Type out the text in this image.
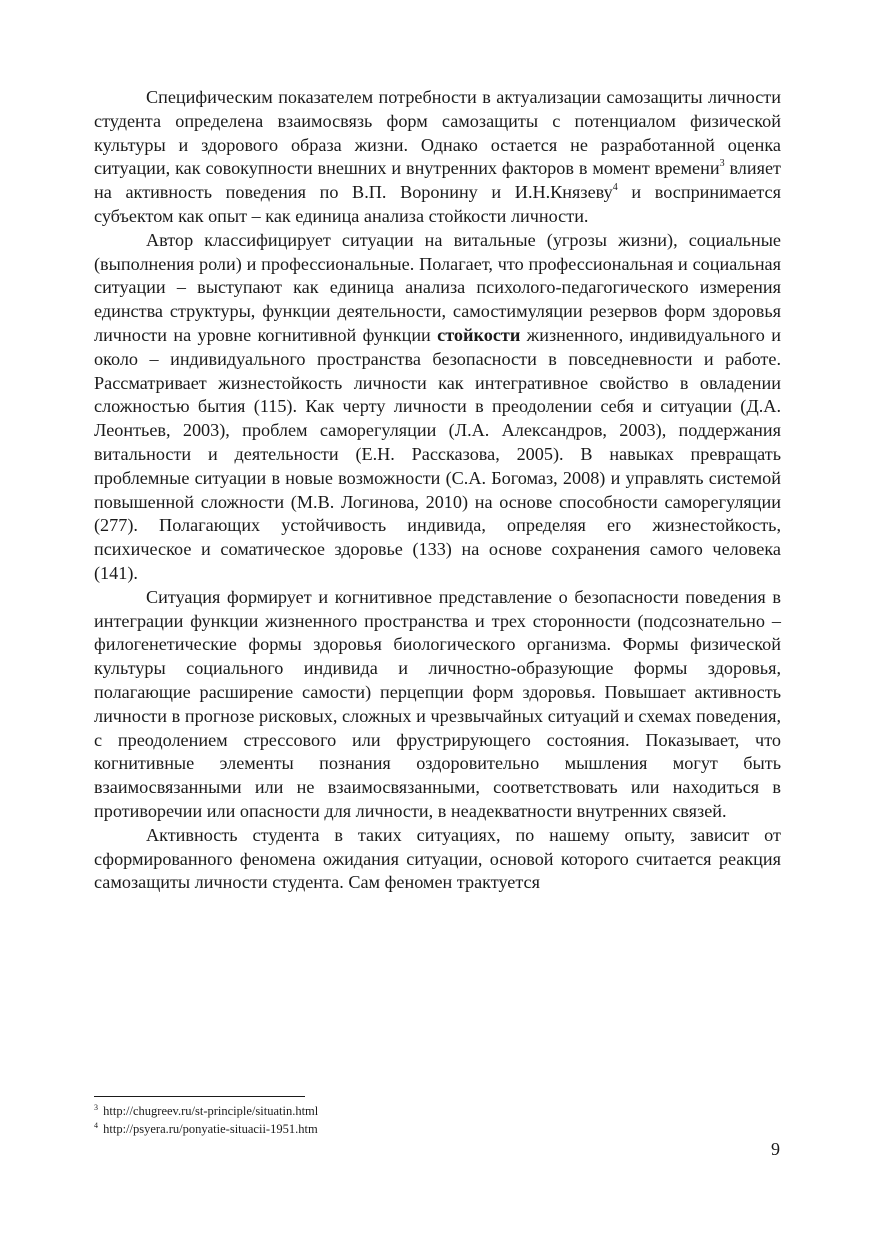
Специфическим показателем потребности в актуализации самозащиты личности студента определена взаимосвязь форм самозащиты с потенциалом физической культуры и здорового образа жизни. Однако остается не разработанной оценка ситуации, как совокупности внешних и внутренних факторов в момент времени$^3$ влияет на активность поведения по В.П. Воронину и И.Н.Князеву$^4$ и воспринимается субъектом как опыт – как единица анализа стойкости личности.

Автор классифицирует ситуации на витальные (угрозы жизни), социальные (выполнения роли) и профессиональные. Полагает, что профессиональная и социальная ситуации – выступают как единица анализа психолого-педагогического измерения единства структуры, функции деятельности, самостимуляции резервов форм здоровья личности на уровне когнитивной функции стойкости жизненного, индивидуального и около – индивидуального пространства безопасности в повседневности и работе. Рассматривает жизнестойкость личности как интегративное свойство в овладении сложностью бытия (115). Как черту личности в преодолении себя и ситуации (Д.А. Леонтьев, 2003), проблем саморегуляции (Л.А. Александров, 2003), поддержания витальности и деятельности (Е.Н. Рассказова, 2005). В навыках превращать проблемные ситуации в новые возможности (С.А. Богомаз, 2008) и управлять системой повышенной сложности (М.В. Логинова, 2010) на основе способности саморегуляции (277). Полагающих устойчивость индивида, определяя его жизнестойкость, психическое и соматическое здоровье (133) на основе сохранения самого человека (141).

Ситуация формирует и когнитивное представление о безопасности поведения в интеграции функции жизненного пространства и трех сторонности (подсознательно – филогенетические формы здоровья биологического организма. Формы физической культуры социального индивида и личностно-образующие формы здоровья, полагающие расширение самости) перцепции форм здоровья. Повышает активность личности в прогнозе рисковых, сложных и чрезвычайных ситуаций и схемах поведения, с преодолением стрессового или фрустрирующего состояния. Показывает, что когнитивные элементы познания оздоровительно мышления могут быть взаимосвязанными или не взаимосвязанными, соответствовать или находиться в противоречии или опасности для личности, в неадекватности внутренних связей.

Активность студента в таких ситуациях, по нашему опыту, зависит от сформированного феномена ожидания ситуации, основой которого считается реакция самозащиты личности студента. Сам феномен трактуется

$^3$ http://chugreev.ru/st-principle/situatin.html
$^4$ http://psyera.ru/ponyatie-situacii-1951.htm
9
